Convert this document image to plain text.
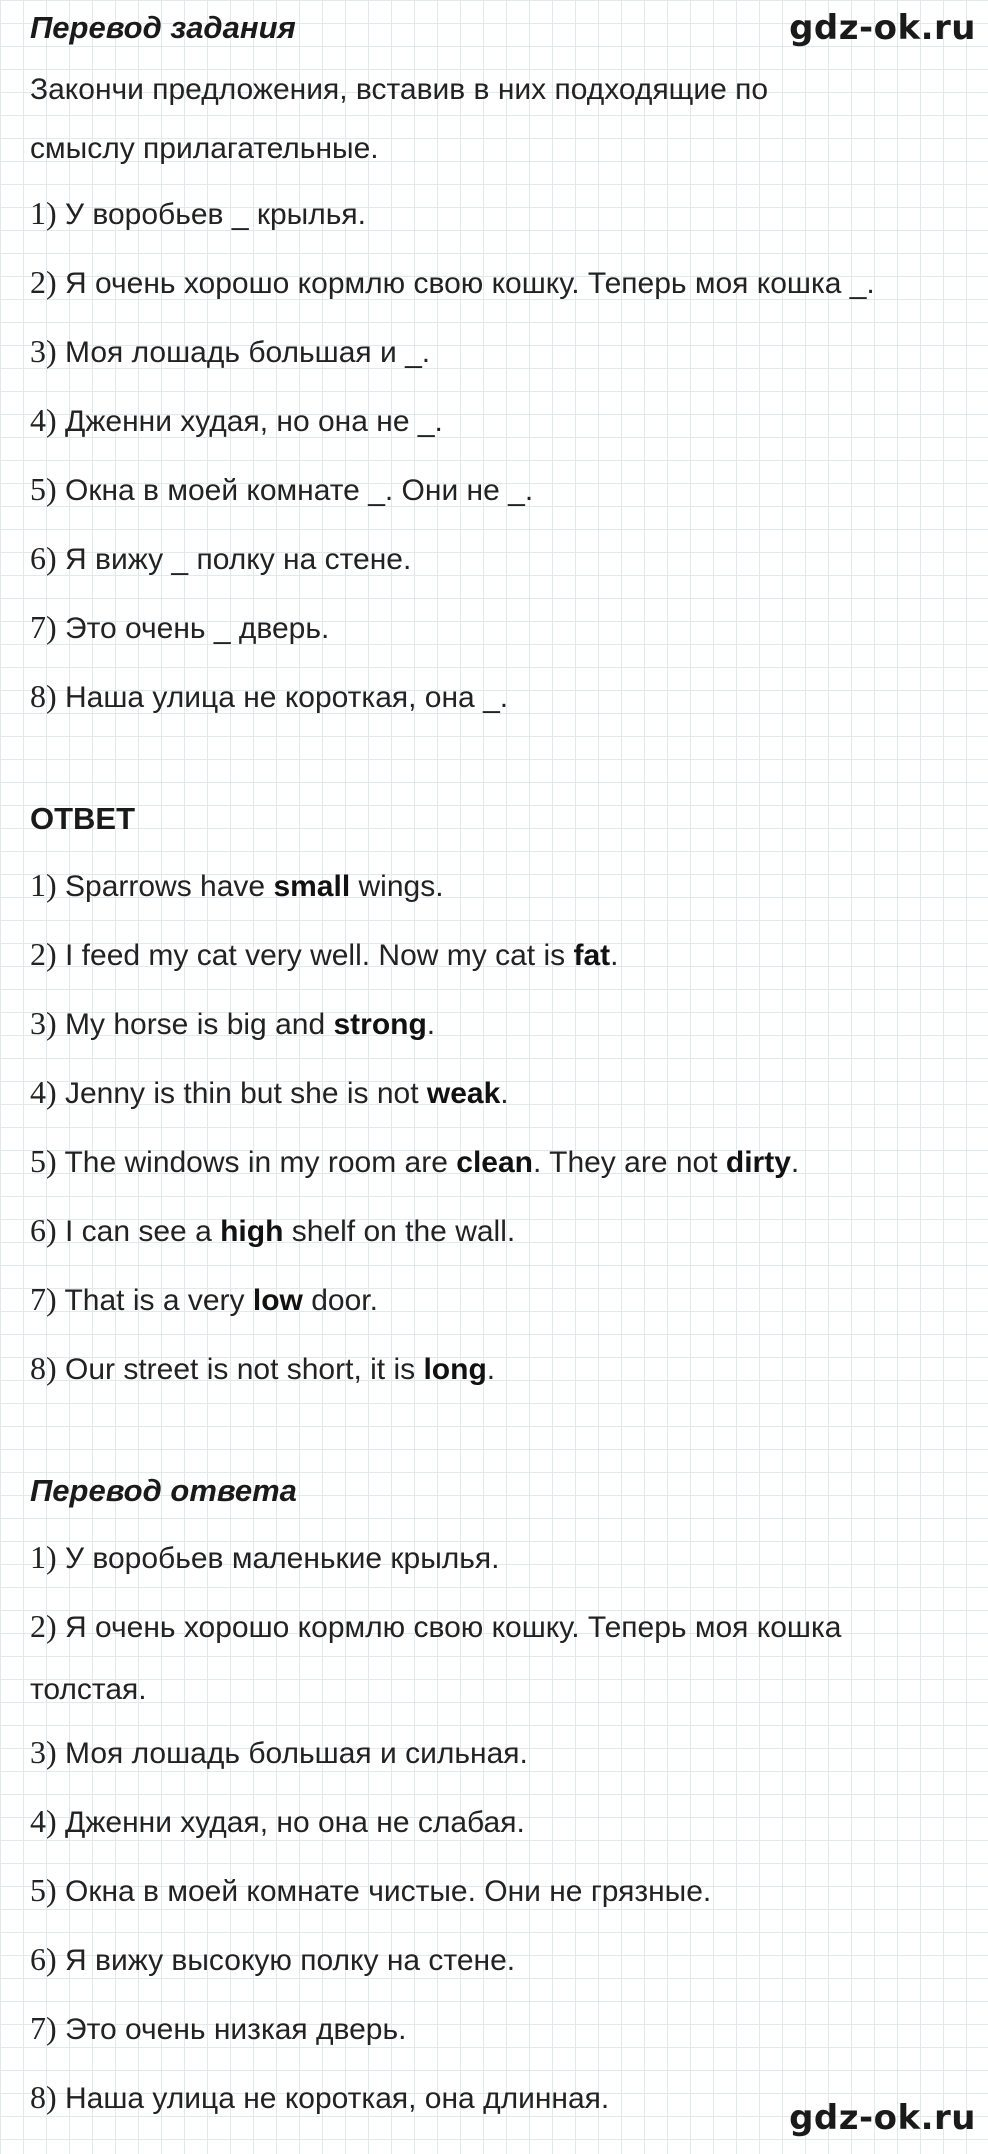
gdz-ok.ru
Перевод задания
Закончи предложения, вставив в них подходящие по
смыслу прилагательные.
1) У воробьев _ крылья.
2) Я очень хорошо кормлю свою кошку. Теперь моя кошка _.
3) Моя лошадь большая и _.
4) Дженни худая, но она не _.
5) Окна в моей комнате _. Они не _.
6) Я вижу _ полку на стене.
7) Это очень _ дверь.
8) Наша улица не короткая, она _.
ОТВЕТ
1) Sparrows have small wings.
2) I feed my cat very well. Now my cat is fat.
3) My horse is big and strong.
4) Jenny is thin but she is not weak.
5) The windows in my room are clean. They are not dirty.
6) I can see a high shelf on the wall.
7) That is a very low door.
8) Our street is not short, it is long.
Перевод ответа
1) У воробьев маленькие крылья.
2) Я очень хорошо кормлю свою кошку. Теперь моя кошка
толстая.
3) Моя лошадь большая и сильная.
4) Дженни худая, но она не слабая.
5) Окна в моей комнате чистые. Они не грязные.
6) Я вижу высокую полку на стене.
7) Это очень низкая дверь.
8) Наша улица не короткая, она длинная.	gdz-ok.ru
